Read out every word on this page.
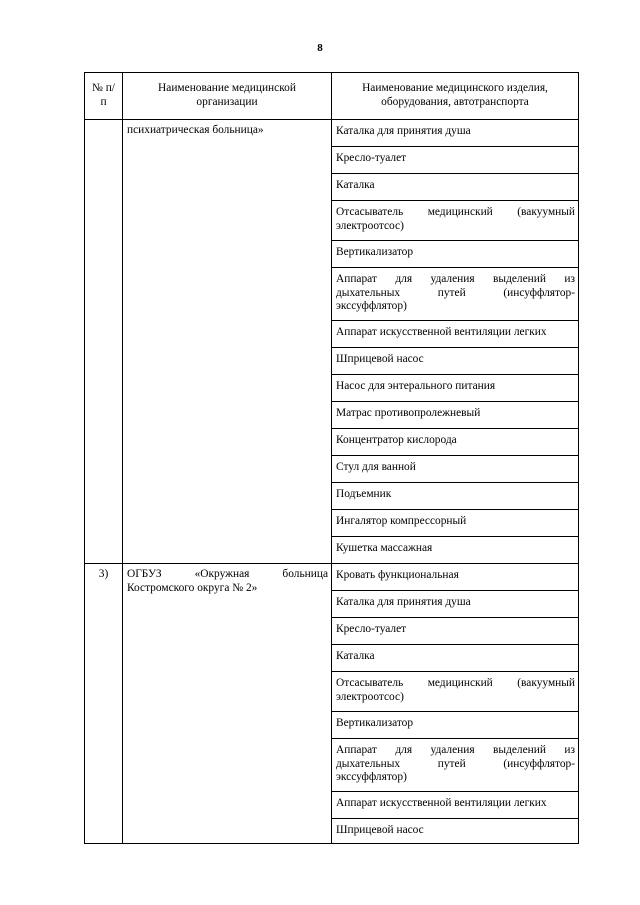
8
№ п/п	Наименование медицинской организации	Наименование медицинского изделия, оборудования, автотранспорта
	психиатрическая больница»	Каталка для принятия душа
		Кресло-туалет
		Каталка
		Отсасыватель медицинский (вакуумный электроотсос)
		Вертикализатор
		Аппарат для удаления выделений из дыхательных путей (инсуффлятор-экссуффлятор)
		Аппарат искусственной вентиляции легких
		Шприцевой насос
		Насос для энтерального питания
		Матрас противопролежневый
		Концентратор кислорода
		Стул для ванной
		Подъемник
		Ингалятор компрессорный
		Кушетка массажная
3)	ОГБУЗ «Окружная больница Костромского округа № 2»	Кровать функциональная
		Каталка для принятия душа
		Кресло-туалет
		Каталка
		Отсасыватель медицинский (вакуумный электроотсос)
		Вертикализатор
		Аппарат для удаления выделений из дыхательных путей (инсуффлятор-экссуффлятор)
		Аппарат искусственной вентиляции легких
		Шприцевой насос
